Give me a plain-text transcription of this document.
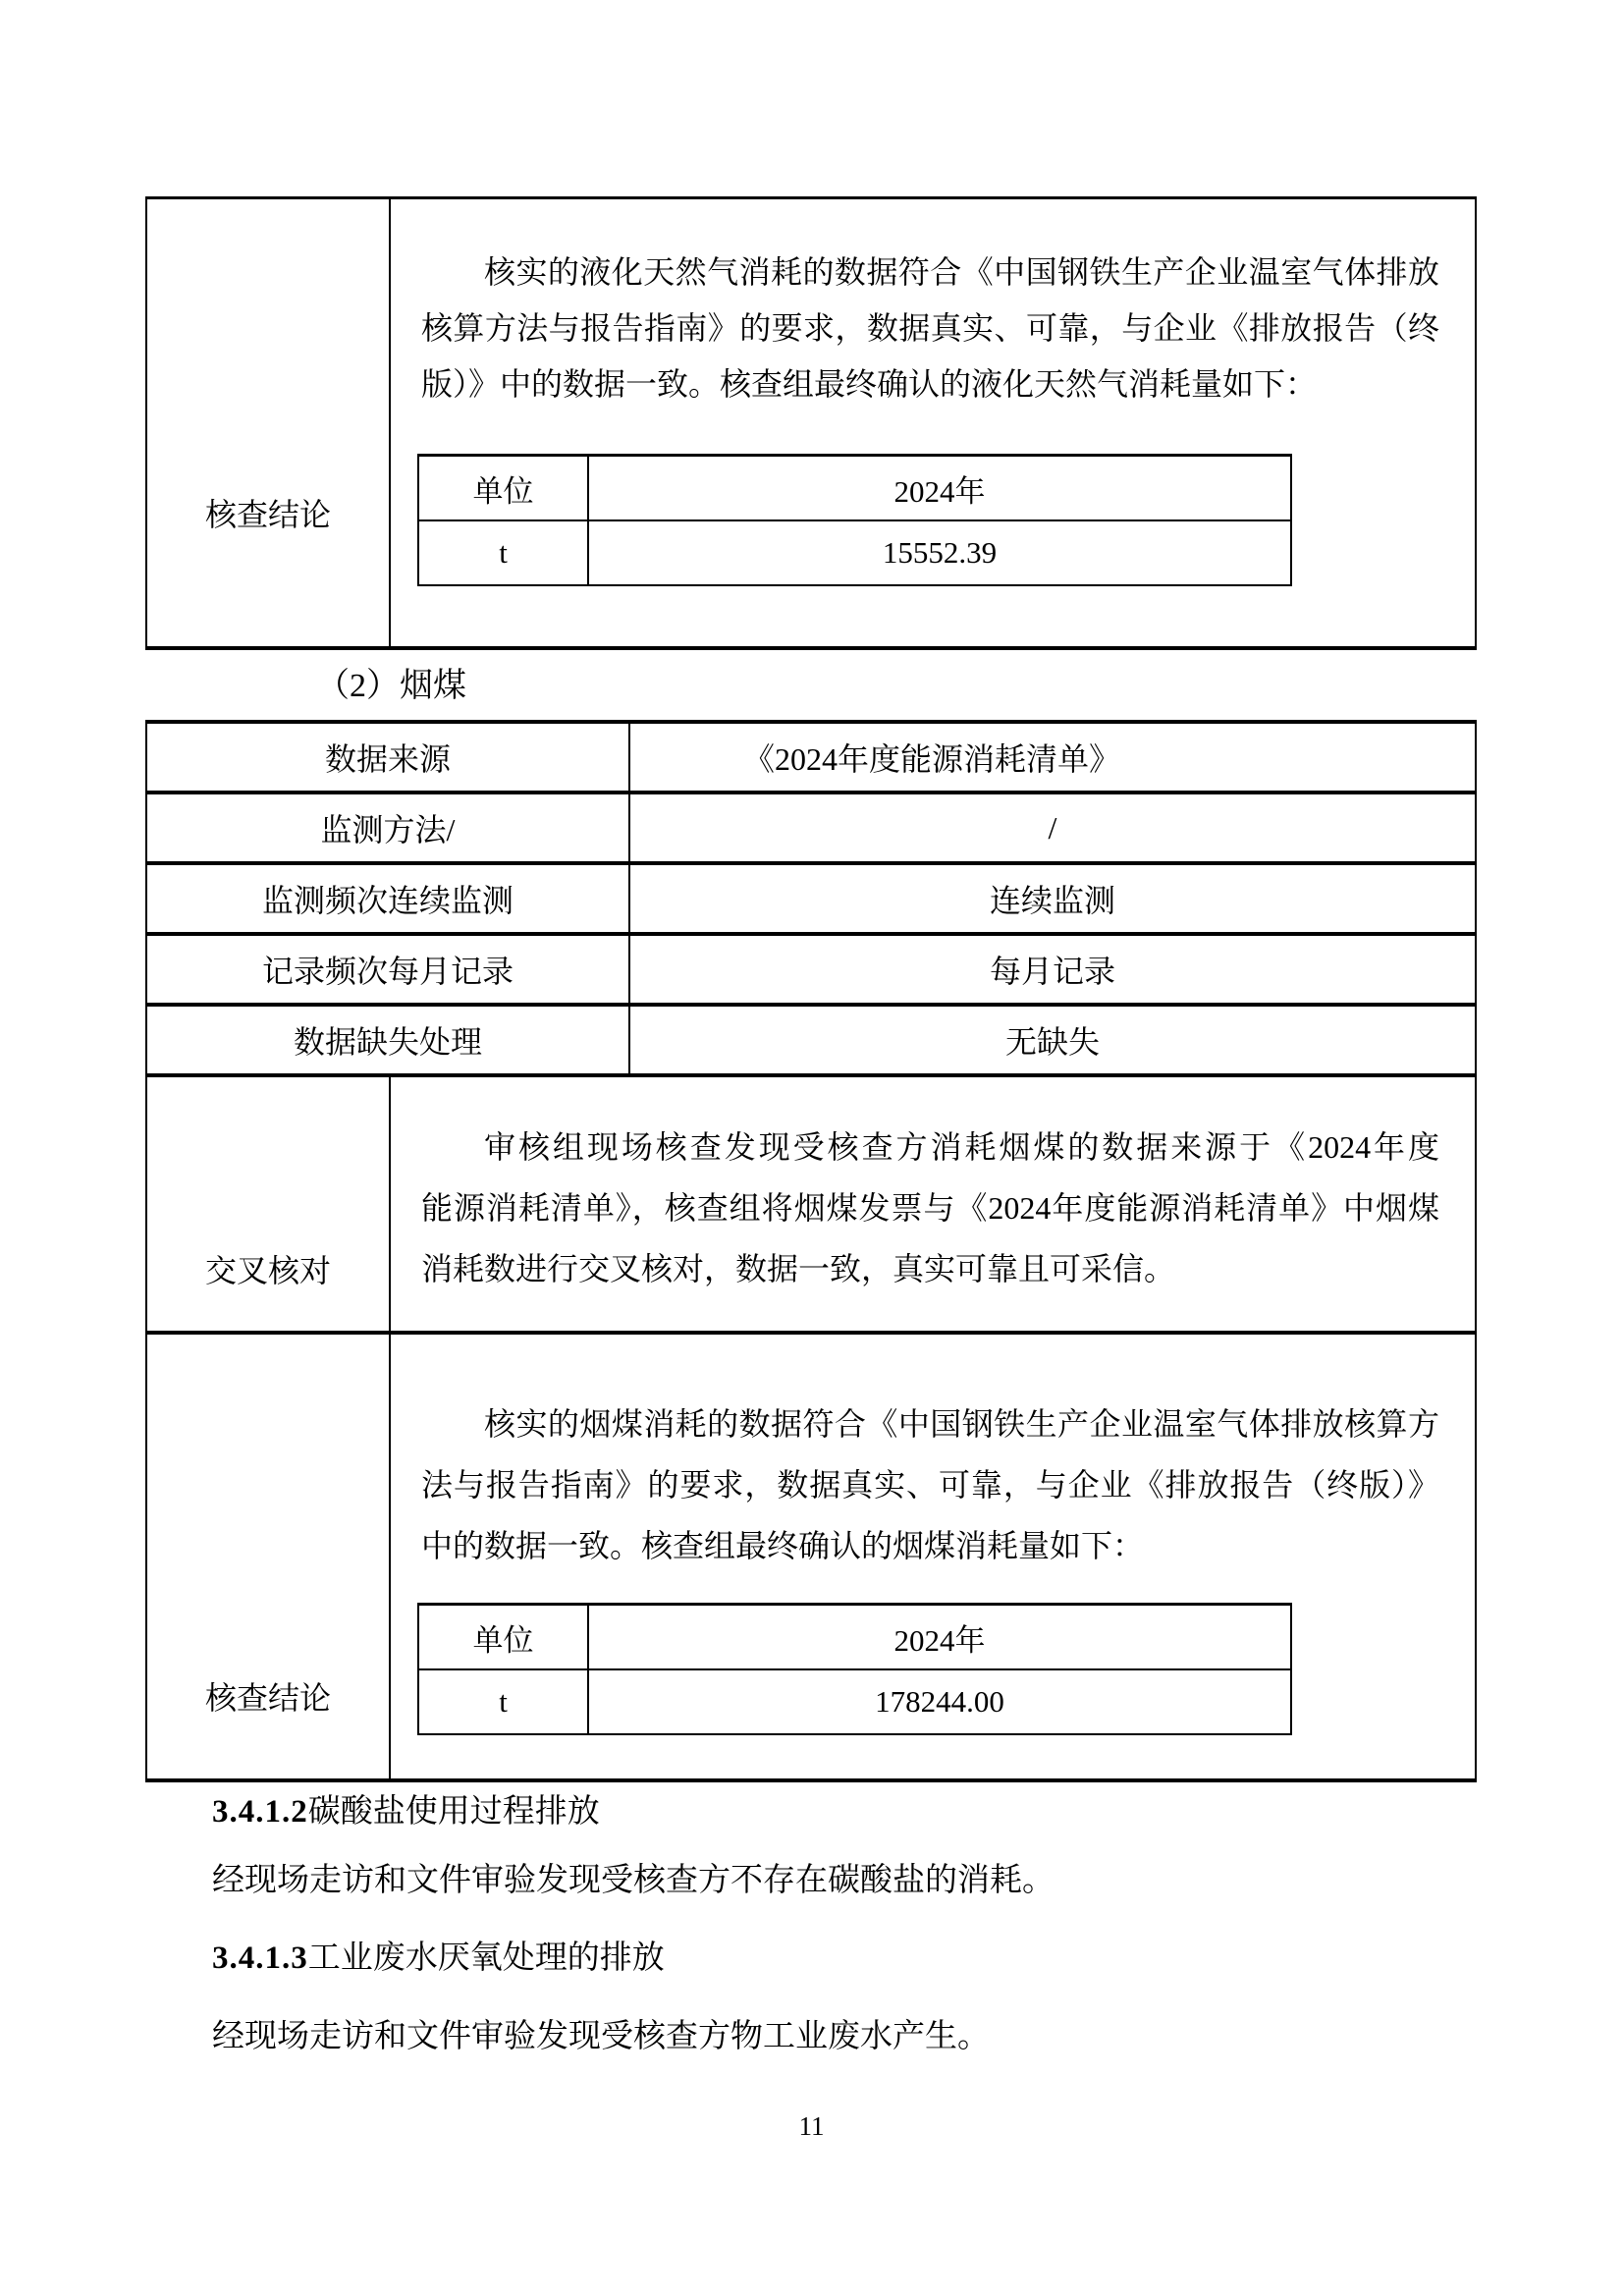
核查结论
核实的液化天然气消耗的数据符合《中国钢铁生产企业温室气体排放
核算方法与报告指南》的要求，数据真实、可靠，与企业《排放报告（终
版）》中的数据一致。核查组最终确认的液化天然气消耗量如下：
单位	2024年
t	15552.39
（2）烟煤
数据来源	《2024年度能源消耗清单》
监测方法/	/
监测频次连续监测	连续监测
记录频次每月记录	每月记录
数据缺失处理	无缺失
交叉核对
审核组现场核查发现受核查方消耗烟煤的数据来源于《2024年度
能源消耗清单》，核查组将烟煤发票与《2024年度能源消耗清单》中烟煤
消耗数进行交叉核对，数据一致，真实可靠且可采信。
核查结论
核实的烟煤消耗的数据符合《中国钢铁生产企业温室气体排放核算方
法与报告指南》的要求，数据真实、可靠，与企业《排放报告（终版）》
中的数据一致。核查组最终确认的烟煤消耗量如下：
单位	2024年
t	178244.00
3.4.1.2碳酸盐使用过程排放
经现场走访和文件审验发现受核查方不存在碳酸盐的消耗。
3.4.1.3工业废水厌氧处理的排放
经现场走访和文件审验发现受核查方物工业废水产生。
11
